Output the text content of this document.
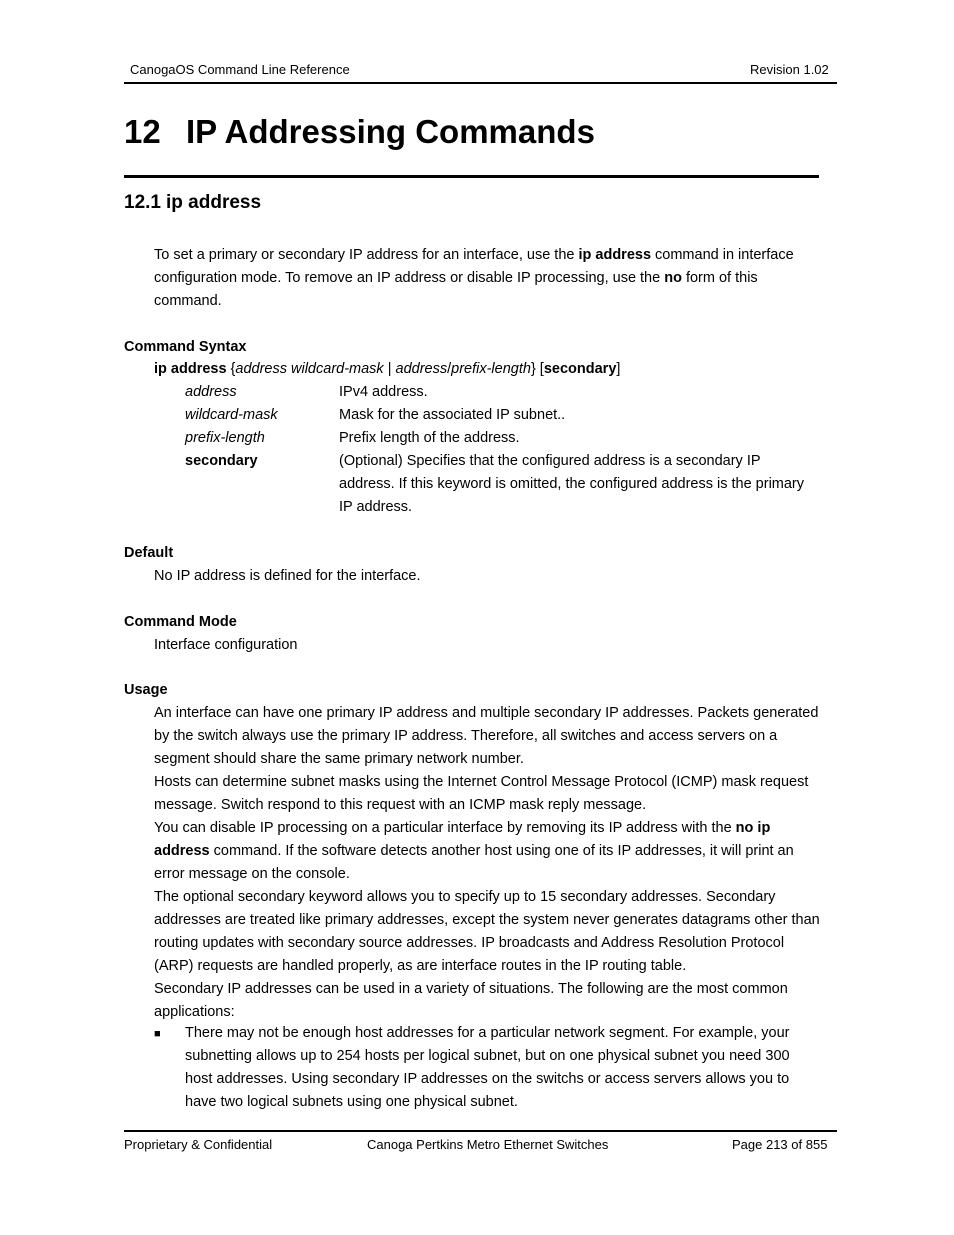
CanogaOS Command Line Reference	Revision 1.02
12 IP Addressing Commands
12.1 ip address
To set a primary or secondary IP address for an interface, use the ip address command in interface configuration mode. To remove an IP address or disable IP processing, use the no form of this command.
Command Syntax
ip address {address wildcard-mask | address/prefix-length} [secondary]
address	IPv4 address.
wildcard-mask	Mask for the associated IP subnet..
prefix-length	Prefix length of the address.
secondary	(Optional) Specifies that the configured address is a secondary IP address. If this keyword is omitted, the configured address is the primary IP address.
Default
No IP address is defined for the interface.
Command Mode
Interface configuration
Usage

An interface can have one primary IP address and multiple secondary IP addresses. Packets generated by the switch always use the primary IP address. Therefore, all switches and access servers on a segment should share the same primary network number.

Hosts can determine subnet masks using the Internet Control Message Protocol (ICMP) mask request message. Switch respond to this request with an ICMP mask reply message.

You can disable IP processing on a particular interface by removing its IP address with the no ip address command. If the software detects another host using one of its IP addresses, it will print an error message on the console.

The optional secondary keyword allows you to specify up to 15 secondary addresses. Secondary addresses are treated like primary addresses, except the system never generates datagrams other than routing updates with secondary source addresses. IP broadcasts and Address Resolution Protocol (ARP) requests are handled properly, as are interface routes in the IP routing table.

Secondary IP addresses can be used in a variety of situations. The following are the most common applications:

■	There may not be enough host addresses for a particular network segment. For example, your subnetting allows up to 254 hosts per logical subnet, but on one physical subnet you need 300 host addresses. Using secondary IP addresses on the switchs or access servers allows you to have two logical subnets using one physical subnet.
Proprietary & Confidential	Canoga Pertkins Metro Ethernet Switches	Page 213 of 855
